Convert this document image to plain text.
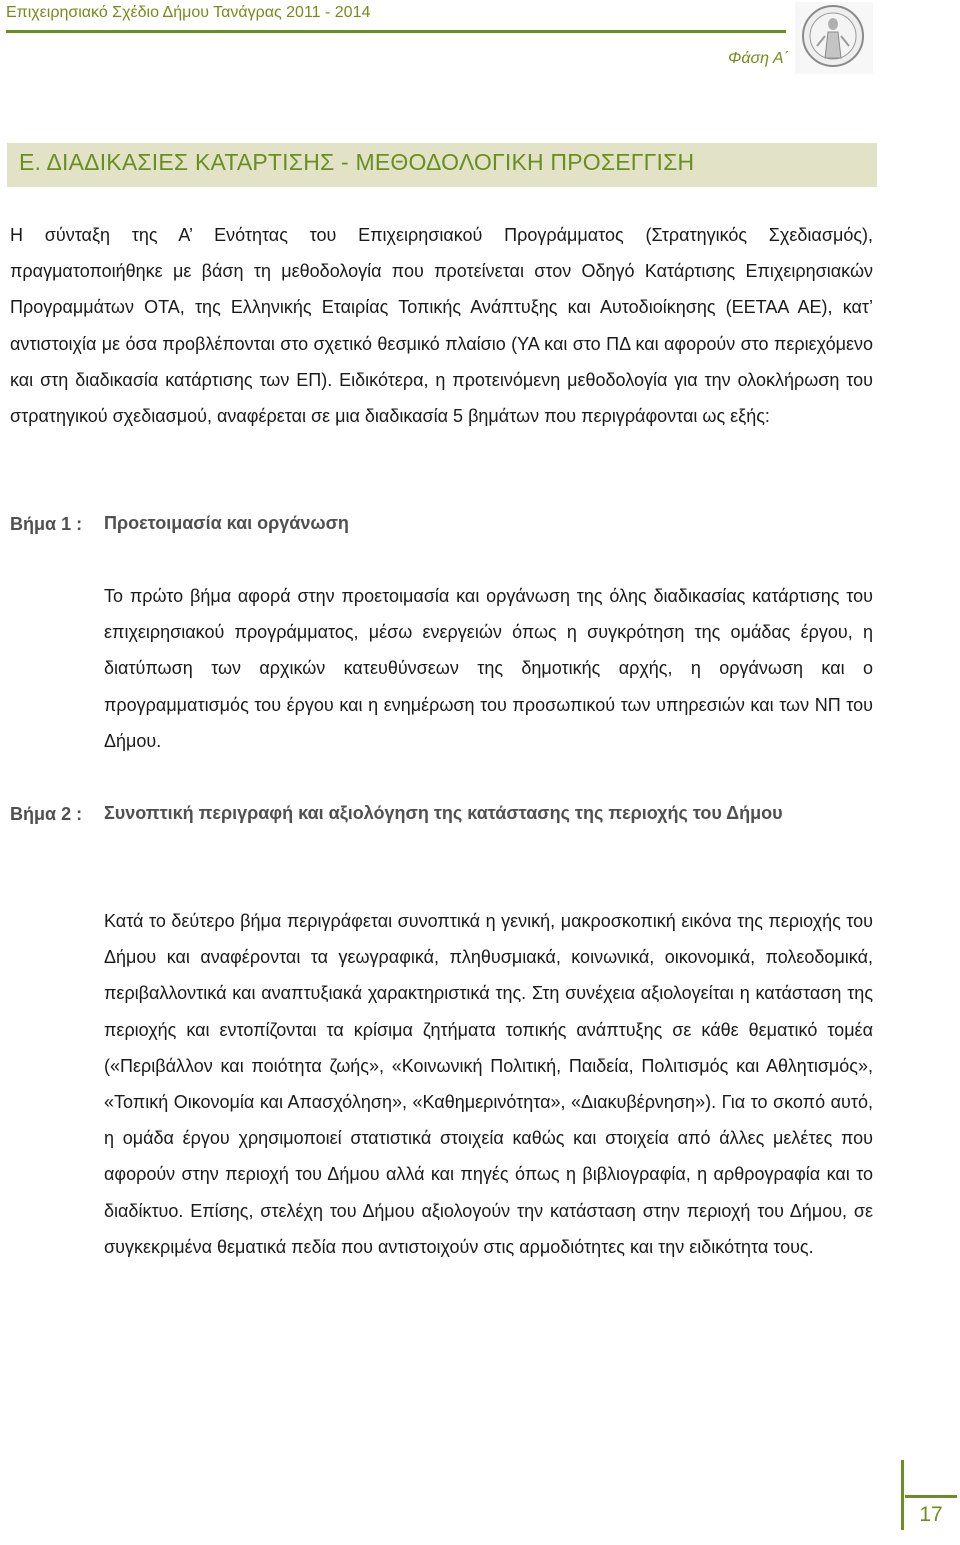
Επιχειρησιακό Σχέδιο Δήμου Τανάγρας 2011 - 2014
Φάση Α΄
Ε. ΔΙΑΔΙΚΑΣΙΕΣ ΚΑΤΑΡΤΙΣΗΣ - ΜΕΘΟΔΟΛΟΓΙΚΗ ΠΡΟΣΕΓΓΙΣΗ
Η σύνταξη της Α’ Ενότητας του Επιχειρησιακού Προγράμματος (Στρατηγικός Σχεδιασμός), πραγματοποιήθηκε με βάση τη μεθοδολογία που προτείνεται στον Οδηγό Κατάρτισης Επιχειρησιακών Προγραμμάτων ΟΤΑ, της Ελληνικής Εταιρίας Τοπικής Ανάπτυξης και Αυτοδιοίκησης (ΕΕΤΑΑ ΑΕ), κατ’ αντιστοιχία με όσα προβλέπονται στο σχετικό θεσμικό πλαίσιο (ΥΑ και στο ΠΔ και αφορούν στο περιεχόμενο και στη διαδικασία κατάρτισης των ΕΠ). Ειδικότερα, η προτεινόμενη μεθοδολογία για την ολοκλήρωση του στρατηγικού σχεδιασμού, αναφέρεται σε μια διαδικασία 5 βημάτων που περιγράφονται ως εξής:
Βήμα 1 : Προετοιμασία και οργάνωση
Το πρώτο βήμα αφορά στην προετοιμασία και οργάνωση της όλης διαδικασίας κατάρτισης του επιχειρησιακού προγράμματος, μέσω ενεργειών όπως η συγκρότηση της ομάδας έργου, η διατύπωση των αρχικών κατευθύνσεων της δημοτικής αρχής, η οργάνωση και ο προγραμματισμός του έργου και η ενημέρωση του προσωπικού των υπηρεσιών και των ΝΠ του Δήμου.
Βήμα 2 : Συνοπτική περιγραφή και αξιολόγηση της κατάστασης της περιοχής του Δήμου
Κατά το δεύτερο βήμα περιγράφεται συνοπτικά η γενική, μακροσκοπική εικόνα της περιοχής του Δήμου και αναφέρονται τα γεωγραφικά, πληθυσμιακά, κοινωνικά, οικονομικά, πολεοδομικά, περιβαλλοντικά και αναπτυξιακά χαρακτηριστικά της. Στη συνέχεια αξιολογείται η κατάσταση της περιοχής και εντοπίζονται τα κρίσιμα ζητήματα τοπικής ανάπτυξης σε κάθε θεματικό τομέα («Περιβάλλον και ποιότητα ζωής», «Κοινωνική Πολιτική, Παιδεία, Πολιτισμός και Αθλητισμός», «Τοπική Οικονομία και Απασχόληση», «Καθημερινότητα», «Διακυβέρνηση»). Για το σκοπό αυτό, η ομάδα έργου χρησιμοποιεί στατιστικά στοιχεία καθώς και στοιχεία από άλλες μελέτες που αφορούν στην περιοχή του Δήμου αλλά και πηγές όπως η βιβλιογραφία, η αρθρογραφία και το διαδίκτυο. Επίσης, στελέχη του Δήμου αξιολογούν την κατάσταση στην περιοχή του Δήμου, σε συγκεκριμένα θεματικά πεδία που αντιστοιχούν στις αρμοδιότητες και την ειδικότητα τους.
17
